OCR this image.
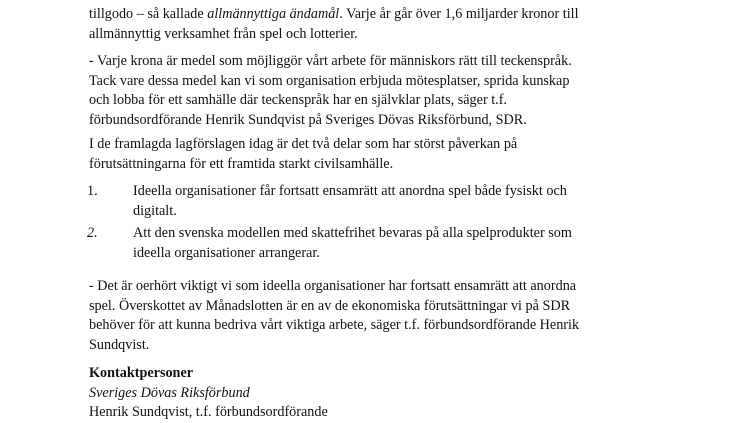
tillgodo – så kallade allmännyttiga ändamål. Varje år går över 1,6 miljarder kronor till
allmännyttig verksamhet från spel och lotterier.
- Varje krona är medel som möjliggör vårt arbete för människors rätt till teckenspråk.
Tack vare dessa medel kan vi som organisation erbjuda mötesplatser, sprida kunskap
och lobba för ett samhälle där teckenspråk har en självklar plats, säger t.f.
förbundsordförande Henrik Sundqvist på Sveriges Dövas Riksförbund, SDR.
I de framlagda lagförslagen idag är det två delar som har störst påverkan på
förutsättningarna för ett framtida starkt civilsamhälle.
1.	Ideella organisationer får fortsatt ensamrätt att anordna spel både fysiskt och
digitalt.
2.	Att den svenska modellen med skattefrihet bevaras på alla spelprodukter som
ideella organisationer arrangerar.
- Det är oerhört viktigt vi som ideella organisationer har fortsatt ensamrätt att anordna
spel. Överskottet av Månadslotten är en av de ekonomiska förutsättningar vi på SDR
behöver för att kunna bedriva vårt viktiga arbete, säger t.f. förbundsordförande Henrik
Sundqvist.
Kontaktpersoner
Sveriges Dövas Riksförbund
Henrik Sundqvist, t.f. förbundsordförande
